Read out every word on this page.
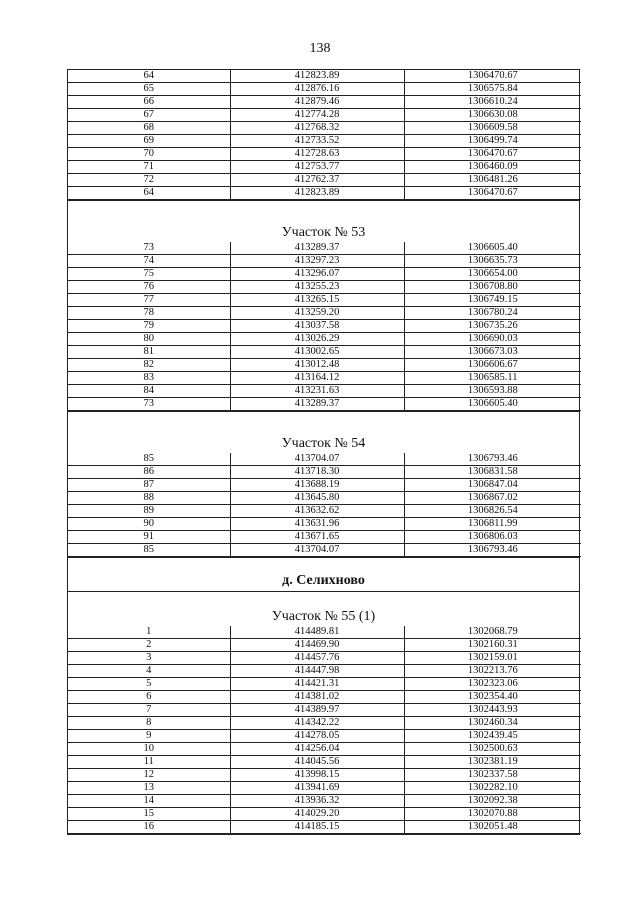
138
64	412823.89	1306470.67
65	412876.16	1306575.84
66	412879.46	1306610.24
67	412774.28	1306630.08
68	412768.32	1306609.58
69	412733.52	1306499.74
70	412728.63	1306470.67
71	412753.77	1306460.09
72	412762.37	1306481.26
64	412823.89	1306470.67
Участок № 53
73	413289.37	1306605.40
74	413297.23	1306635.73
75	413296.07	1306654.00
76	413255.23	1306708.80
77	413265.15	1306749.15
78	413259.20	1306780.24
79	413037.58	1306735.26
80	413026.29	1306690.03
81	413002.65	1306673.03
82	413012.48	1306606.67
83	413164.12	1306585.11
84	413231.63	1306593.88
73	413289.37	1306605.40
Участок № 54
85	413704.07	1306793.46
86	413718.30	1306831.58
87	413688.19	1306847.04
88	413645.80	1306867.02
89	413632.62	1306826.54
90	413631.96	1306811.99
91	413671.65	1306806.03
85	413704.07	1306793.46
д. Селихново
Участок № 55 (1)
1	414489.81	1302068.79
2	414469.90	1302160.31
3	414457.76	1302159.01
4	414447.98	1302213.76
5	414421.31	1302323.06
6	414381.02	1302354.40
7	414389.97	1302443.93
8	414342.22	1302460.34
9	414278.05	1302439.45
10	414256.04	1302500.63
11	414045.56	1302381.19
12	413998.15	1302337.58
13	413941.69	1302282.10
14	413936.32	1302092.38
15	414029.20	1302070.88
16	414185.15	1302051.48
